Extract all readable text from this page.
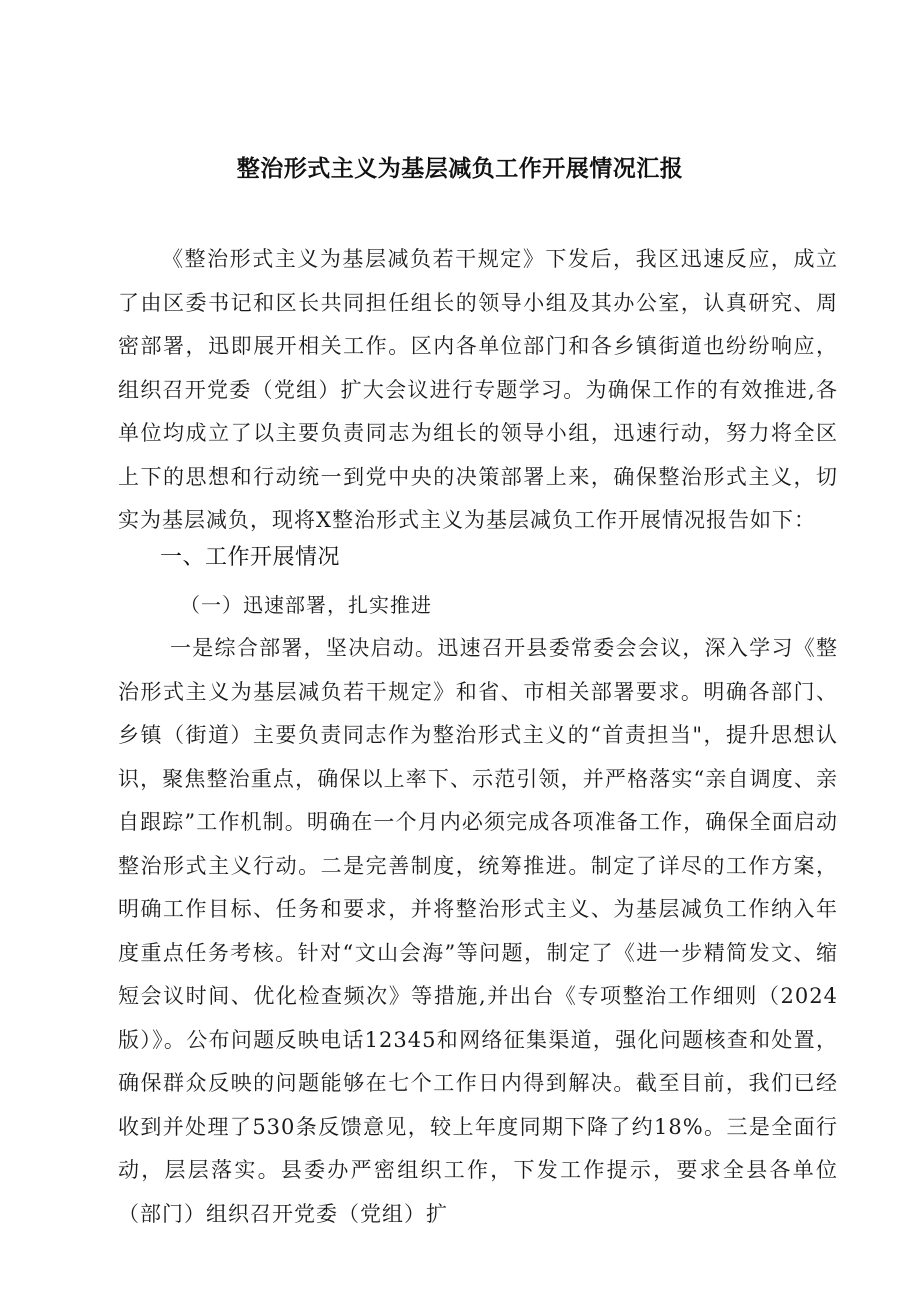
整治形式主义为基层减负工作开展情况汇报

《整治形式主义为基层减负若干规定》下发后，我区迅速反应，成立了由区委书记和区长共同担任组长的领导小组及其办公室，认真研究、周密部署，迅即展开相关工作。区内各单位部门和各乡镇街道也纷纷响应，组织召开党委（党组）扩大会议进行专题学习。为确保工作的有效推进,各单位均成立了以主要负责同志为组长的领导小组，迅速行动，努力将全区上下的思想和行动统一到党中央的决策部署上来，确保整治形式主义，切实为基层减负，现将X整治形式主义为基层减负工作开展情况报告如下：

一、工作开展情况
（一）迅速部署，扎实推进

一是综合部署，坚决启动。迅速召开县委常委会会议，深入学习《整治形式主义为基层减负若干规定》和省、市相关部署要求。明确各部门、乡镇（街道）主要负责同志作为整治形式主义的“首责担当"，提升思想认识，聚焦整治重点，确保以上率下、示范引领，并严格落实“亲自调度、亲自跟踪”工作机制。明确在一个月内必须完成各项准备工作，确保全面启动整治形式主义行动。二是完善制度，统筹推进。制定了详尽的工作方案，明确工作目标、任务和要求，并将整治形式主义、为基层减负工作纳入年度重点任务考核。针对“文山会海”等问题，制定了《进一步精简发文、缩短会议时间、优化检查频次》等措施,并出台《专项整治工作细则（2024版）》。公布问题反映电话12345和网络征集渠道，强化问题核查和处置，确保群众反映的问题能够在七个工作日内得到解决。截至目前，我们已经收到并处理了530条反馈意见，较上年度同期下降了约18%。三是全面行动，层层落实。县委办严密组织工作，下发工作提示，要求全县各单位（部门）组织召开党委（党组）扩
